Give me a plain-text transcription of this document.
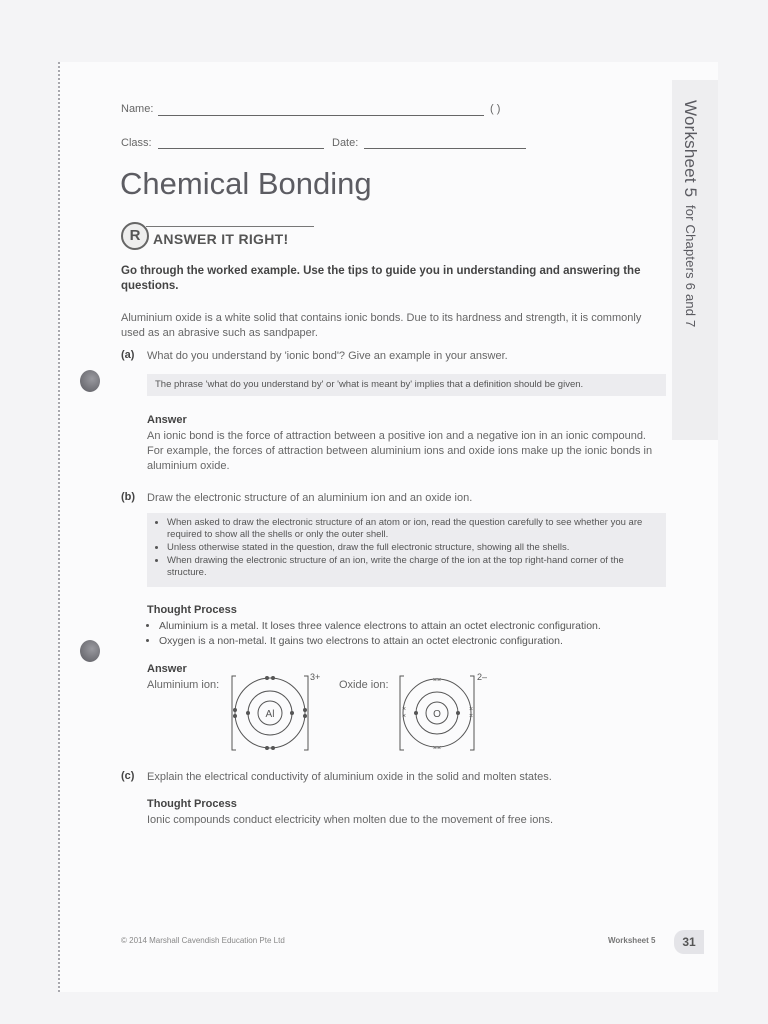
Worksheet 5  for Chapters 6 and 7
Name:	( )
Class:	Date:
Chemical Bonding
R ANSWER IT RIGHT!
Go through the worked example. Use the tips to guide you in understanding and answering the questions.
Aluminium oxide is a white solid that contains ionic bonds. Due to its hardness and strength, it is commonly used as an abrasive such as sandpaper.
(a) What do you understand by 'ionic bond'? Give an example in your answer.
The phrase 'what do you understand by' or 'what is meant by' implies that a definition should be given.
Answer
An ionic bond is the force of attraction between a positive ion and a negative ion in an ionic compound. For example, the forces of attraction between aluminium ions and oxide ions make up the ionic bonds in aluminium oxide.
(b) Draw the electronic structure of an aluminium ion and an oxide ion.
• When asked to draw the electronic structure of an atom or ion, read the question carefully to see whether you are required to show all the shells or only the outer shell.
• Unless otherwise stated in the question, draw the full electronic structure, showing all the shells.
• When drawing the electronic structure of an ion, write the charge of the ion at the top right-hand corner of the structure.
Thought Process
• Aluminium is a metal. It loses three valence electrons to attain an octet electronic configuration.
• Oxygen is a non-metal. It gains two electrons to attain an octet electronic configuration.
Answer
Aluminium ion:	Oxide ion:
Al
3+	××
××
×
×
×
×
O
2–
(c) Explain the electrical conductivity of aluminium oxide in the solid and molten states.
Thought Process
Ionic compounds conduct electricity when molten due to the movement of free ions.
© 2014 Marshall Cavendish Education Pte Ltd	Worksheet 5	31
